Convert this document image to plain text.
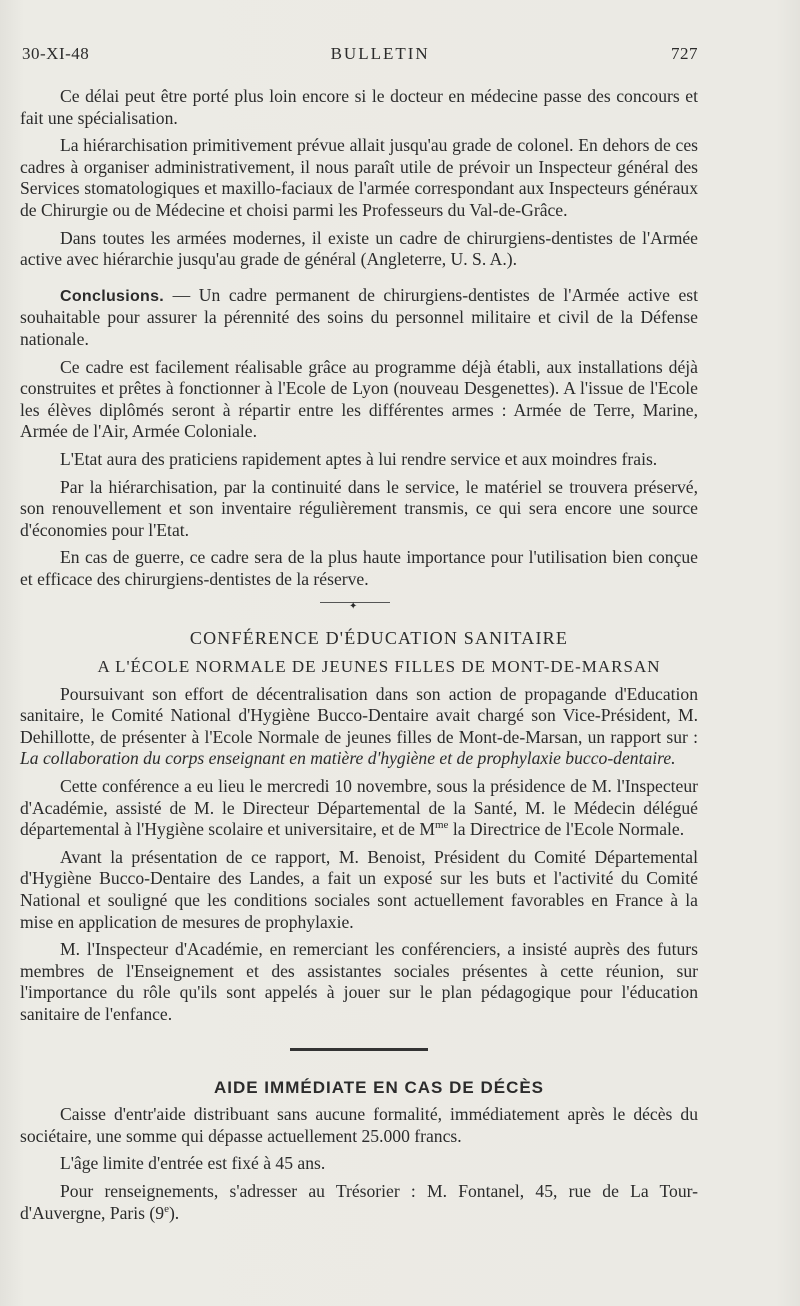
30-XI-48	BULLETIN	727

Ce délai peut être porté plus loin encore si le docteur en médecine passe des concours et fait une spécialisation.

La hiérarchisation primitivement prévue allait jusqu'au grade de colonel. En dehors de ces cadres à organiser administrativement, il nous paraît utile de prévoir un Inspecteur général des Services stomatologiques et maxillo-faciaux de l'armée correspondant aux Inspecteurs généraux de Chirurgie ou de Médecine et choisi parmi les Professeurs du Val-de-Grâce.

Dans toutes les armées modernes, il existe un cadre de chirurgiens-dentistes de l'Armée active avec hiérarchie jusqu'au grade de général (Angleterre, U. S. A.).

Conclusions. — Un cadre permanent de chirurgiens-dentistes de l'Armée active est souhaitable pour assurer la pérennité des soins du personnel militaire et civil de la Défense nationale.

Ce cadre est facilement réalisable grâce au programme déjà établi, aux installations déjà construites et prêtes à fonctionner à l'Ecole de Lyon (nouveau Desgenettes). A l'issue de l'Ecole les élèves diplômés seront à répartir entre les différentes armes : Armée de Terre, Marine, Armée de l'Air, Armée Coloniale.

L'Etat aura des praticiens rapidement aptes à lui rendre service et aux moindres frais.

Par la hiérarchisation, par la continuité dans le service, le matériel se trouvera préservé, son renouvellement et son inventaire régulièrement transmis, ce qui sera encore une source d'économies pour l'Etat.

En cas de guerre, ce cadre sera de la plus haute importance pour l'utilisation bien conçue et efficace des chirurgiens-dentistes de la réserve.

✦

CONFÉRENCE D'ÉDUCATION SANITAIRE

A L'ÉCOLE NORMALE DE JEUNES FILLES DE MONT-DE-MARSAN

Poursuivant son effort de décentralisation dans son action de propagande d'Education sanitaire, le Comité National d'Hygiène Bucco-Dentaire avait chargé son Vice-Président, M. Dehillotte, de présenter à l'Ecole Normale de jeunes filles de Mont-de-Marsan, un rapport sur : La collaboration du corps enseignant en matière d'hygiène et de prophylaxie bucco-dentaire.

Cette conférence a eu lieu le mercredi 10 novembre, sous la présidence de M. l'Inspecteur d'Académie, assisté de M. le Directeur Départemental de la Santé, M. le Médecin délégué départemental à l'Hygiène scolaire et universitaire, et de $M^{me}$ la Directrice de l'Ecole Normale.

Avant la présentation de ce rapport, M. Benoist, Président du Comité Départemental d'Hygiène Bucco-Dentaire des Landes, a fait un exposé sur les buts et l'activité du Comité National et souligné que les conditions sociales sont actuellement favorables en France à la mise en application de mesures de prophylaxie.

M. l'Inspecteur d'Académie, en remerciant les conférenciers, a insisté auprès des futurs membres de l'Enseignement et des assistantes sociales présentes à cette réunion, sur l'importance du rôle qu'ils sont appelés à jouer sur le plan pédagogique pour l'éducation sanitaire de l'enfance.

AIDE IMMÉDIATE EN CAS DE DÉCÈS

Caisse d'entr'aide distribuant sans aucune formalité, immédiatement après le décès du sociétaire, une somme qui dépasse actuellement 25.000 francs.

L'âge limite d'entrée est fixé à 45 ans.

Pour renseignements, s'adresser au Trésorier : M. Fontanel, 45, rue de La Tour-d'Auvergne, Paris (9e).
